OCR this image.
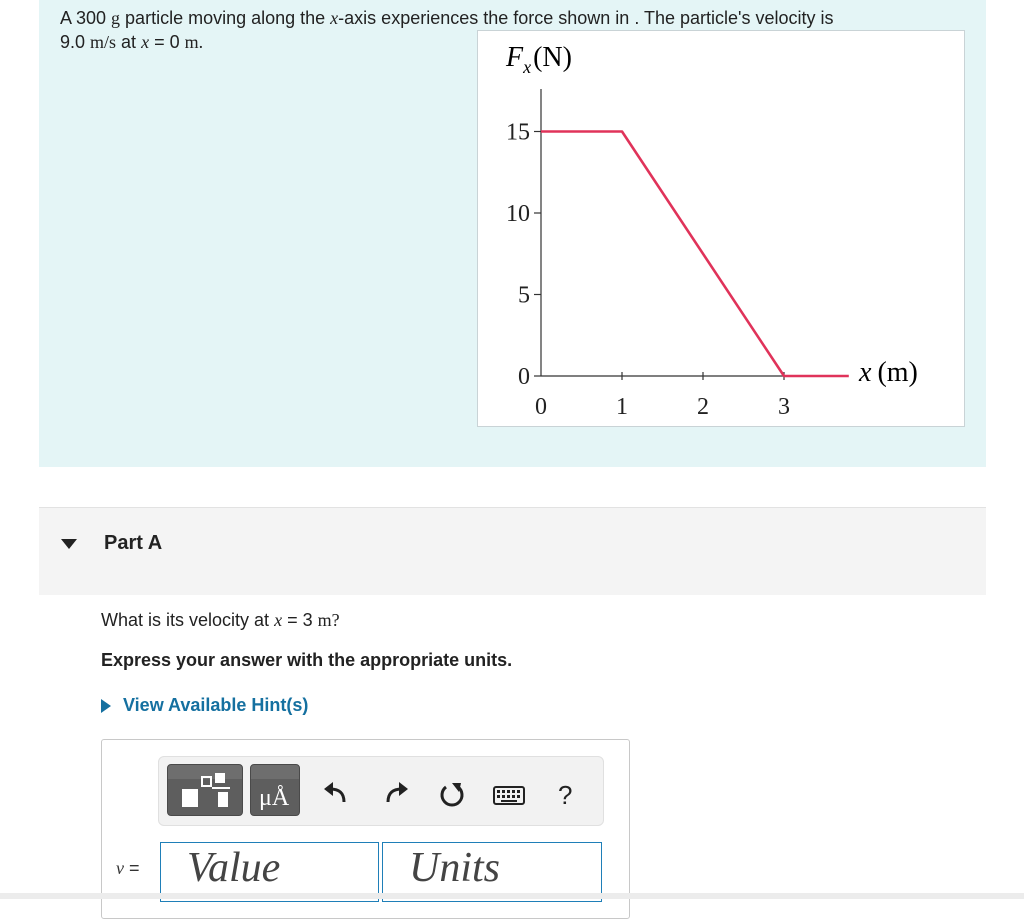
A 300 g particle moving along the x-axis experiences the force shown in . The particle's velocity is
9.0 m/s at x = 0 m.	$F_x(N)$
x (m)
0
5
10
15
0	1	2	3
Part A
What is its velocity at x = 3 m?
Express your answer with the appropriate units.
View Available Hint(s)
μÅ	?
v =	Value	Units
